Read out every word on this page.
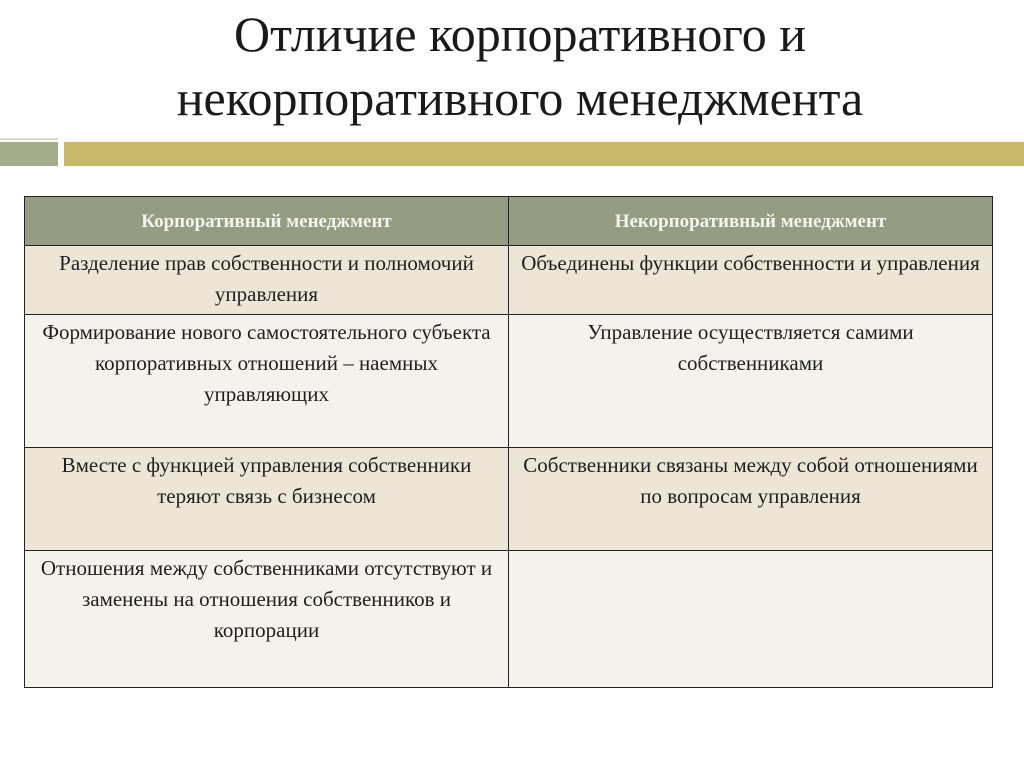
Отличие корпоративного и
некорпоративного менеджмента
Корпоративный менеджмент	Некорпоративный менеджмент
Разделение прав собственности и полномочий управления	Объединены функции собственности и управления
Формирование нового самостоятельного субъекта корпоративных отношений – наемных управляющих	Управление осуществляется самими собственниками
Вместе с функцией управления собственники теряют связь с бизнесом	Собственники связаны между собой отношениями по вопросам управления
Отношения между собственниками отсутствуют и заменены на отношения собственников и корпорации	
